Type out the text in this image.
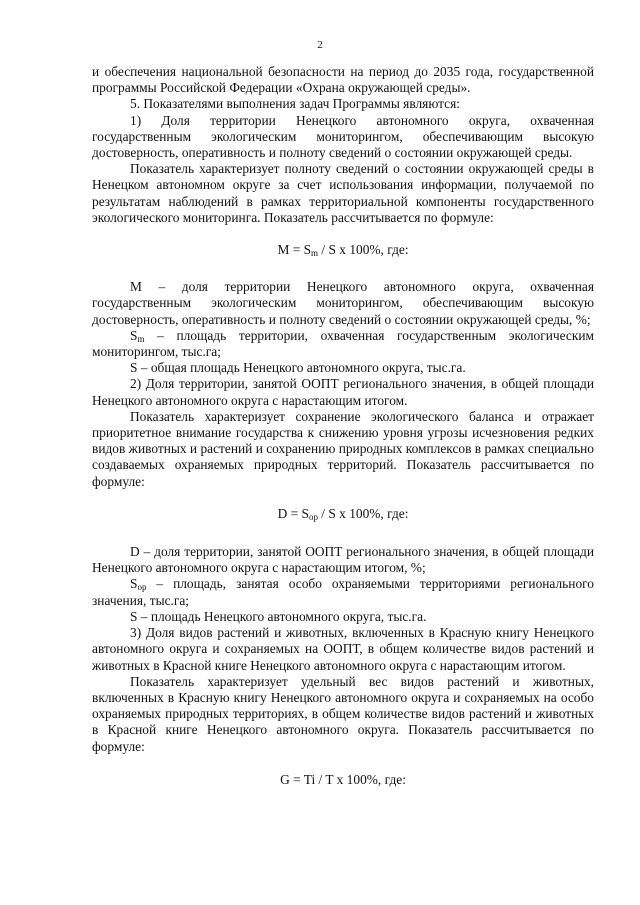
2

и обеспечения национальной безопасности на период до 2035 года, государственной программы Российской Федерации «Охрана окружающей среды».

5. Показателями выполнения задач Программы являются:

1) Доля территории Ненецкого автономного округа, охваченная государственным экологическим мониторингом, обеспечивающим высокую достоверность, оперативность и полноту сведений о состоянии окружающей среды.

Показатель характеризует полноту сведений о состоянии окружающей среды в Ненецком автономном округе за счет использования информации, получаемой по результатам наблюдений в рамках территориальной компоненты государственного экологического мониторинга. Показатель рассчитывается по формуле:

$M = S_m / S$ x 100%, где:

M – доля территории Ненецкого автономного округа, охваченная государственным экологическим мониторингом, обеспечивающим высокую достоверность, оперативность и полноту сведений о состоянии окружающей среды, %;

$S_m$ – площадь территории, охваченная государственным экологическим мониторингом, тыс.га;

S – общая площадь Ненецкого автономного округа, тыс.га.

2) Доля территории, занятой ООПТ регионального значения, в общей площади Ненецкого автономного округа с нарастающим итогом.

Показатель характеризует сохранение экологического баланса и отражает приоритетное внимание государства к снижению уровня угрозы исчезновения редких видов животных и растений и сохранению природных комплексов в рамках специально создаваемых охраняемых природных территорий. Показатель рассчитывается по формуле:

$D = S_{op} / S$ x 100%, где:

D – доля территории, занятой ООПТ регионального значения, в общей площади Ненецкого автономного округа с нарастающим итогом, %;

$S_{op}$ – площадь, занятая особо охраняемыми территориями регионального значения, тыс.га;

S – площадь Ненецкого автономного округа, тыс.га.

3) Доля видов растений и животных, включенных в Красную книгу Ненецкого автономного округа и сохраняемых на ООПТ, в общем количестве видов растений и животных в Красной книге Ненецкого автономного округа с нарастающим итогом.

Показатель характеризует удельный вес видов растений и животных, включенных в Красную книгу Ненецкого автономного округа и сохраняемых на особо охраняемых природных территориях, в общем количестве видов растений и животных в Красной книге Ненецкого автономного округа. Показатель рассчитывается по формуле:

G = Ti / T x 100%, где:
